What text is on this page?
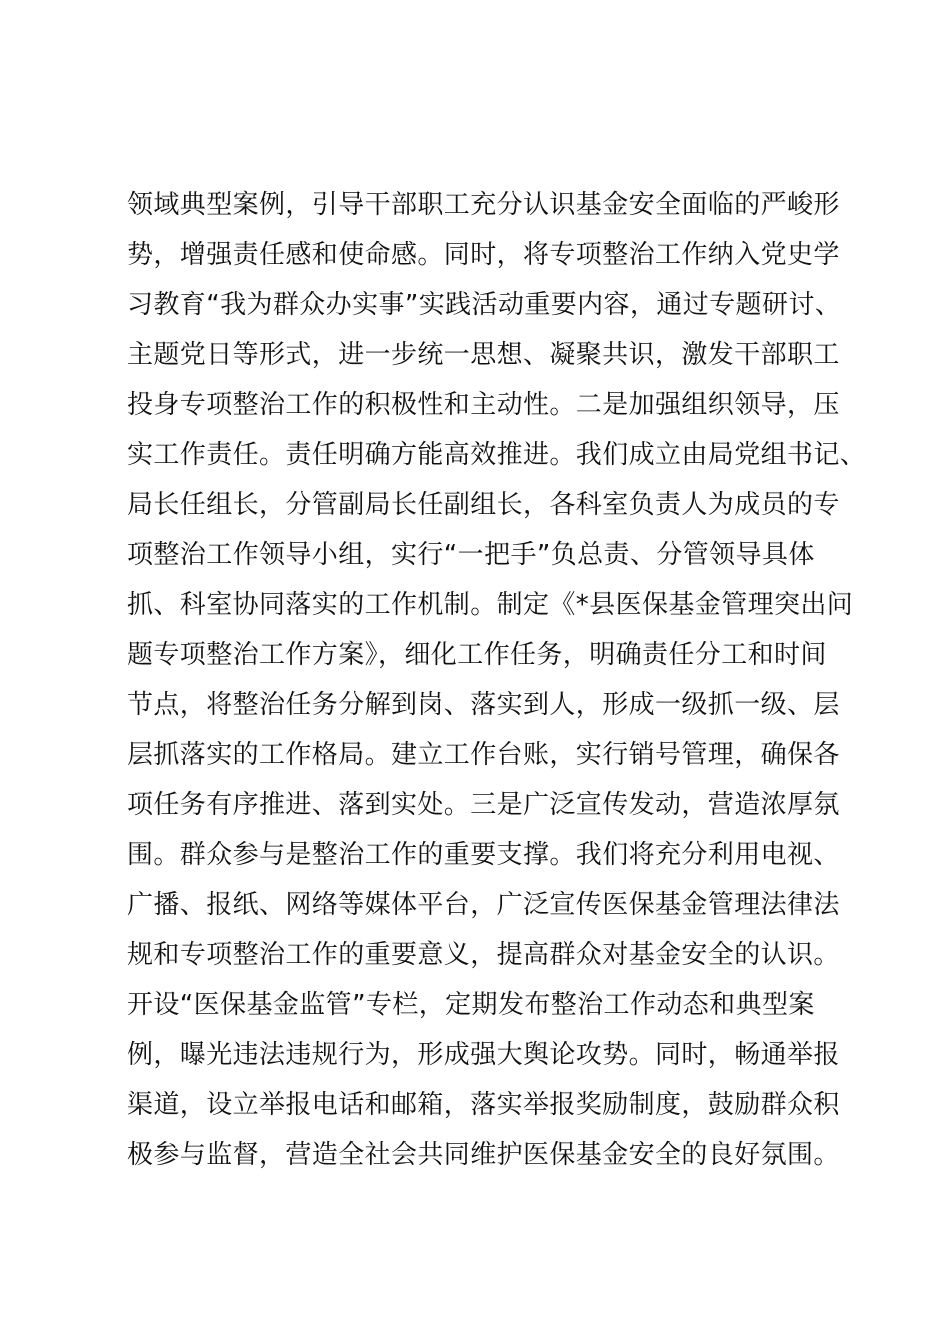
领域典型案例，引导干部职工充分认识基金安全面临的严峻形
势，增强责任感和使命感。同时，将专项整治工作纳入党史学
习教育“我为群众办实事”实践活动重要内容，通过专题研讨、
主题党日等形式，进一步统一思想、凝聚共识，激发干部职工
投身专项整治工作的积极性和主动性。二是加强组织领导，压
实工作责任。责任明确方能高效推进。我们成立由局党组书记、
局长任组长，分管副局长任副组长，各科室负责人为成员的专
项整治工作领导小组，实行“一把手”负总责、分管领导具体
抓、科室协同落实的工作机制。制定《*县医保基金管理突出问
题专项整治工作方案》，细化工作任务，明确责任分工和时间
节点，将整治任务分解到岗、落实到人，形成一级抓一级、层
层抓落实的工作格局。建立工作台账，实行销号管理，确保各
项任务有序推进、落到实处。三是广泛宣传发动，营造浓厚氛
围。群众参与是整治工作的重要支撑。我们将充分利用电视、
广播、报纸、网络等媒体平台，广泛宣传医保基金管理法律法
规和专项整治工作的重要意义，提高群众对基金安全的认识。
开设“医保基金监管”专栏，定期发布整治工作动态和典型案
例，曝光违法违规行为，形成强大舆论攻势。同时，畅通举报
渠道，设立举报电话和邮箱，落实举报奖励制度，鼓励群众积
极参与监督，营造全社会共同维护医保基金安全的良好氛围。
